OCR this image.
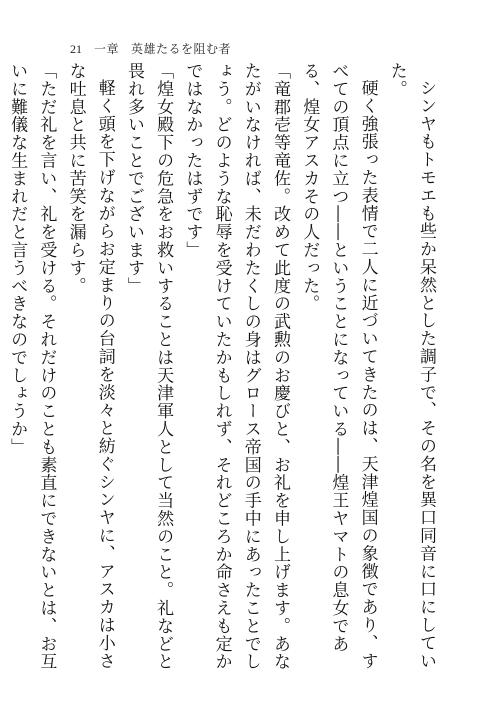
21 一章 英雄たるを阻む者

シンヤもトモエも些か呆然とした調子で、その名を異口同音に口にしていた。

硬く強張った表情で二人に近づいてきたのは、天津煌国の象徴であり、すべての頂点に立つ――ということになっている――煌王ヤマトの息女である、煌女アスカその人だった。

「竜郡壱等竜佐。改めて此度の武勲のお慶びと、お礼を申し上げます。あなたがいなければ、未だわたくしの身はグロース帝国の手中にあったことでしょう。どのような恥辱を受けていたかもしれず、それどころか命さえも定かではなかったはずです」

「煌女殿下の危急をお救いすることは天津軍人として当然のこと。礼などと畏れ多いことでございます」

軽く頭を下げながらお定まりの台詞を淡々と紡ぐシンヤに、アスカは小さな吐息と共に苦笑を漏らす。

「ただ礼を言い、礼を受ける。それだけのことも素直にできないとは、お互いに難儀な生まれだと言うべきなのでしょうか」
